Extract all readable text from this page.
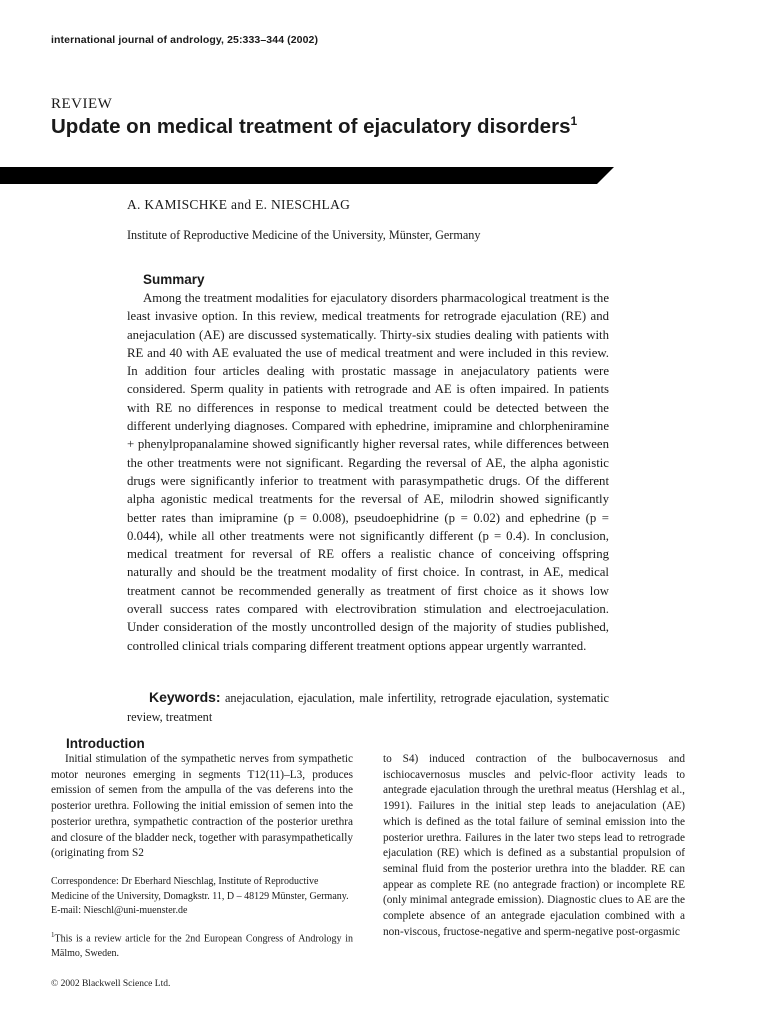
international journal of andrology, 25:333–344 (2002)
REVIEW
Update on medical treatment of ejaculatory disorders$^1$
A. KAMISCHKE and E. NIESCHLAG
Institute of Reproductive Medicine of the University, Münster, Germany
Summary

Among the treatment modalities for ejaculatory disorders pharmacological treatment is the least invasive option. In this review, medical treatments for retrograde ejaculation (RE) and anejaculation (AE) are discussed systematically. Thirty-six studies dealing with patients with RE and 40 with AE evaluated the use of medical treatment and were included in this review. In addition four articles dealing with prostatic massage in anejaculatory patients were considered. Sperm quality in patients with retrograde and AE is often impaired. In patients with RE no differences in response to medical treatment could be detected between the different underlying diagnoses. Compared with ephedrine, imipramine and chlorpheniramine + phenylpropanalamine showed significantly higher reversal rates, while differences between the other treatments were not significant. Regarding the reversal of AE, the alpha agonistic drugs were significantly inferior to treatment with parasympathetic drugs. Of the different alpha agonistic medical treatments for the reversal of AE, milodrin showed significantly better rates than imipramine (p = 0.008), pseudoephidrine (p = 0.02) and ephedrine (p = 0.044), while all other treatments were not significantly different (p = 0.4). In conclusion, medical treatment for reversal of RE offers a realistic chance of conceiving offspring naturally and should be the treatment modality of first choice. In contrast, in AE, medical treatment cannot be recommended generally as treatment of first choice as it shows low overall success rates compared with electrovibration stimulation and electroejaculation. Under consideration of the mostly uncontrolled design of the majority of studies published, controlled clinical trials comparing different treatment options appear urgently warranted.

Keywords: anejaculation, ejaculation, male infertility, retrograde ejaculation, systematic review, treatment

Introduction

Initial stimulation of the sympathetic nerves from sympathetic motor neurones emerging in segments T12(11)–L3, produces emission of semen from the ampulla of the vas deferens into the posterior urethra. Following the initial emission of semen into the posterior urethra, sympathetic contraction of the posterior urethra and closure of the bladder neck, together with parasympathetically (originating from S2

to S4) induced contraction of the bulbocavernosus and ischiocavernosus muscles and pelvic-floor activity leads to antegrade ejaculation through the urethral meatus (Hershlag et al., 1991). Failures in the initial step leads to anejaculation (AE) which is defined as the total failure of seminal emission into the posterior urethra. Failures in the later two steps lead to retrograde ejaculation (RE) which is defined as a substantial propulsion of seminal fluid from the posterior urethra into the bladder. RE can appear as complete RE (no antegrade fraction) or incomplete RE (only minimal antegrade emission). Diagnostic clues to AE are the complete absence of an antegrade ejaculation combined with a non-viscous, fructose-negative and sperm-negative post-orgasmic

Correspondence: Dr Eberhard Nieschlag, Institute of Reproductive Medicine of the University, Domagkstr. 11, D – 48129 Münster, Germany. E-mail: Nieschl@uni-muenster.de

$^1$This is a review article for the 2nd European Congress of Andrology in Mälmo, Sweden.

© 2002 Blackwell Science Ltd.
